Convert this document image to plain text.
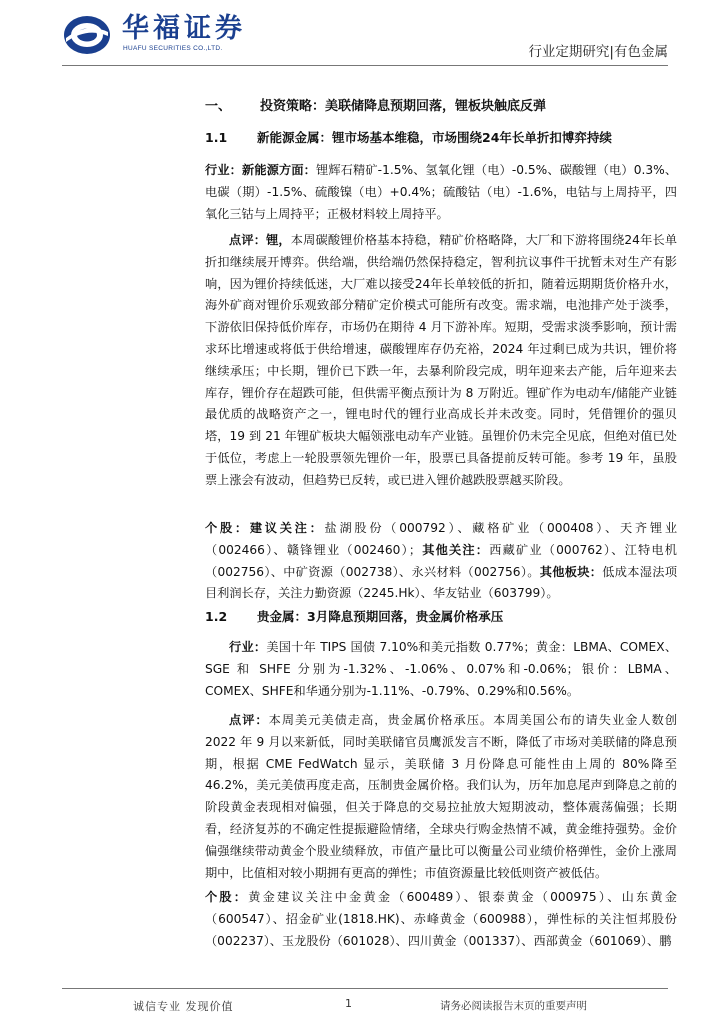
华福证券
HUAFU SECURITIES CO.,LTD.	行业定期研究|有色金属
一、 投资策略：美联储降息预期回落，锂板块触底反弹
1.1 新能源金属：锂市场基本维稳，市场围绕24年长单折扣博弈持续
行业：新能源方面：锂辉石精矿-1.5%、氢氧化锂（电）-0.5%、碳酸锂（电）0.3%、电碳（期）-1.5%、硫酸镍（电）+0.4%；硫酸钴（电）-1.6%，电钴与上周持平，四氧化三钴与上周持平；正极材料较上周持平。
点评：锂，本周碳酸锂价格基本持稳，精矿价格略降，大厂和下游将围绕24年长单折扣继续展开博弈。供给端，供给端仍然保持稳定，智利抗议事件干扰暂未对生产有影响，因为锂价持续低迷，大厂难以接受24年长单较低的折扣，随着远期期货价格升水，海外矿商对锂价乐观致部分精矿定价模式可能所有改变。需求端，电池排产处于淡季，下游依旧保持低价库存，市场仍在期待 4 月下游补库。短期，受需求淡季影响，预计需求环比增速或将低于供给增速，碳酸锂库存仍充裕，2024 年过剩已成为共识，锂价将继续承压；中长期，锂价已下跌一年，去暴利阶段完成，明年迎来去产能，后年迎来去库存，锂价存在超跌可能，但供需平衡点预计为 8 万附近。锂矿作为电动车/储能产业链最优质的战略资产之一，锂电时代的锂行业高成长并未改变。同时，凭借锂价的强贝塔，19 到 21 年锂矿板块大幅领涨电动车产业链。虽锂价仍未完全见底，但绝对值已处于低位，考虑上一轮股票领先锂价一年，股票已具备提前反转可能。参考 19 年，虽股票上涨会有波动，但趋势已反转，或已进入锂价越跌股票越买阶段。
个股：建议关注：盐湖股份（000792）、藏格矿业（000408）、天齐锂业（002466）、赣锋锂业（002460）；其他关注：西藏矿业（000762）、江特电机（002756）、中矿资源（002738）、永兴材料（002756）。其他板块：低成本湿法项目利润长存，关注力勤资源（2245.Hk）、华友钴业（603799）。
1.2 贵金属：3月降息预期回落，贵金属价格承压
行业：美国十年 TIPS 国债 7.10%和美元指数 0.77%；黄金：LBMA、COMEX、SGE 和 SHFE 分别为-1.32%、-1.06%、0.07%和-0.06%；银价：LBMA、COMEX、SHFE和华通分别为-1.11%、-0.79%、0.29%和0.56%。
点评：本周美元美债走高，贵金属价格承压。本周美国公布的请失业金人数创 2022 年 9 月以来新低，同时美联储官员鹰派发言不断，降低了市场对美联储的降息预期，根据 CME FedWatch 显示，美联储 3 月份降息可能性由上周的 80%降至 46.2%，美元美债再度走高，压制贵金属价格。我们认为，历年加息尾声到降息之前的阶段黄金表现相对偏强，但关于降息的交易拉扯放大短期波动，整体震荡偏强；长期看，经济复苏的不确定性提振避险情绪，全球央行购金热情不减，黄金维持强势。金价偏强继续带动黄金个股业绩释放，市值产量比可以衡量公司业绩价格弹性，金价上涨周期中，比值相对较小期拥有更高的弹性；市值资源量比较低则资产被低估。
个股：黄金建议关注中金黄金（600489）、银泰黄金（000975）、山东黄金（600547）、招金矿业(1818.HK)、赤峰黄金（600988），弹性标的关注恒邦股份（002237）、玉龙股份（601028）、四川黄金（001337）、西部黄金（601069）、鹏
诚信专业 发现价值	1	请务必阅读报告末页的重要声明
